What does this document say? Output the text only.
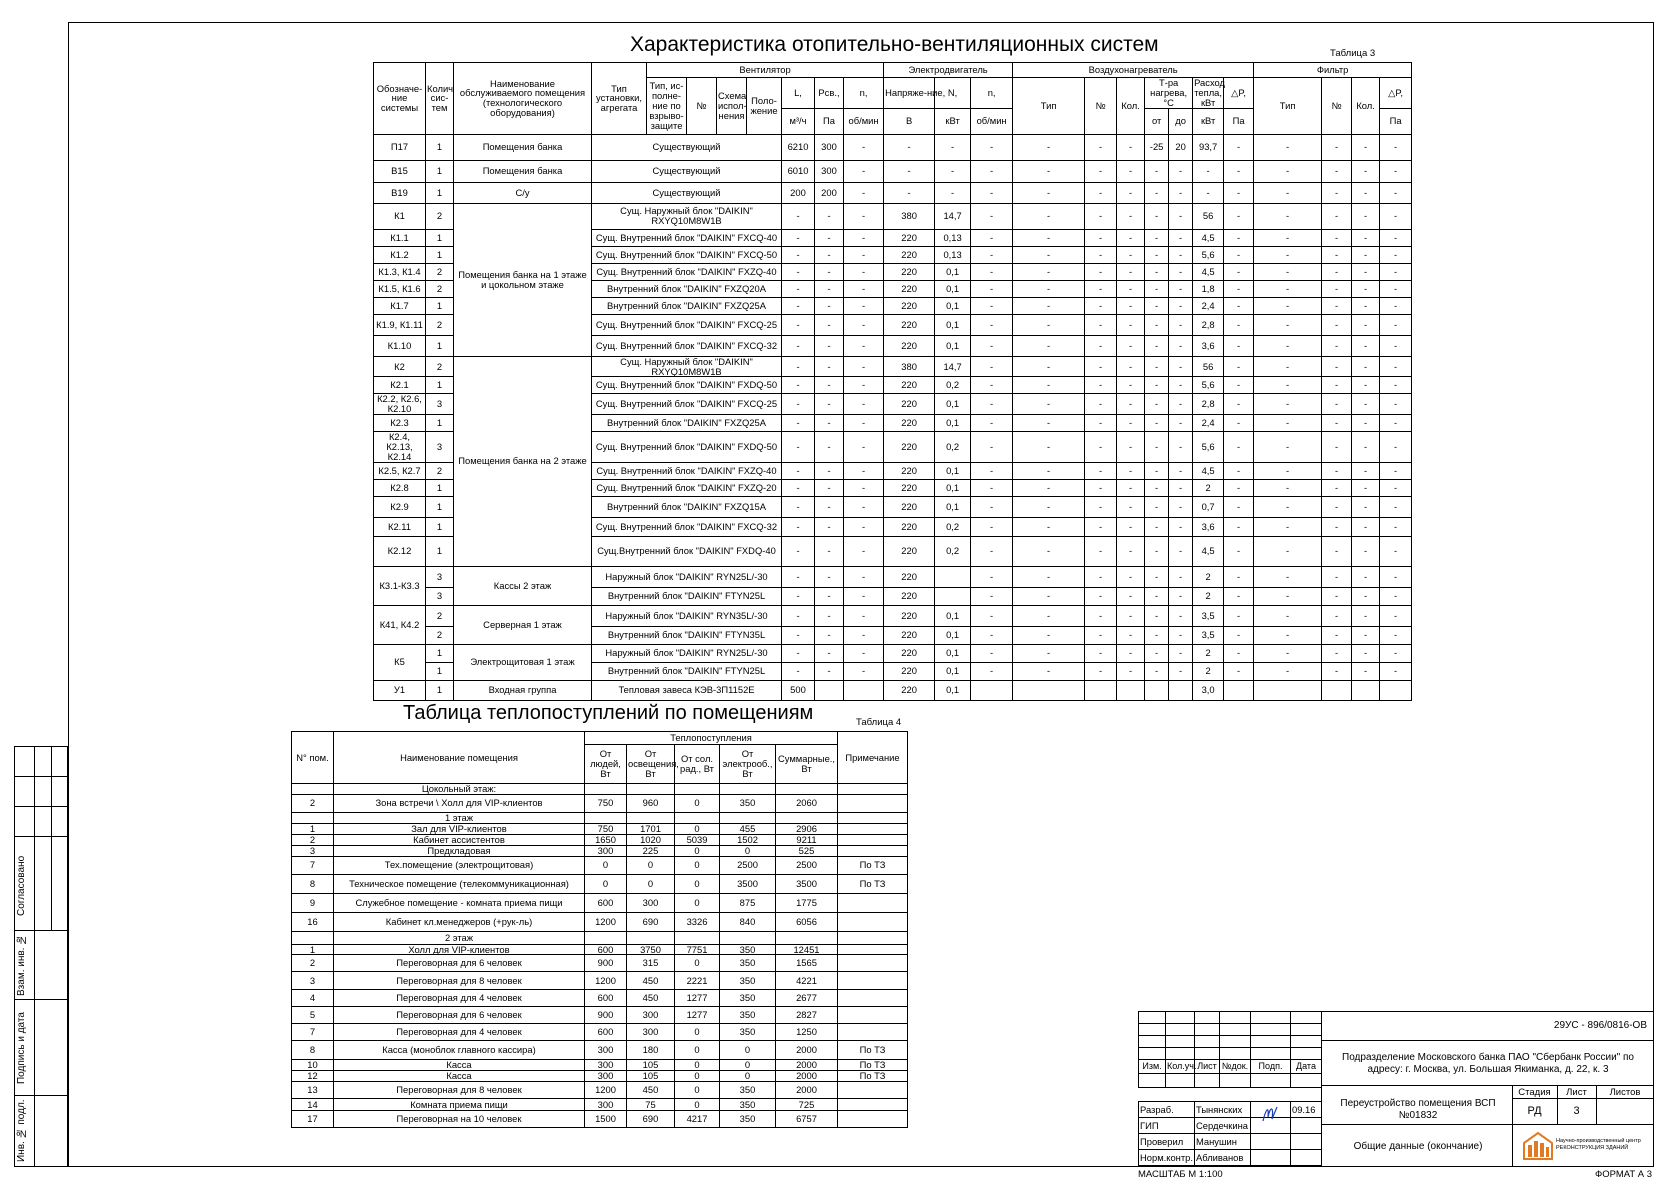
Согласовано
Взам. инв. №
Подпись и дата
Инв. № подл.
Характеристика отопительно-вентиляционных систем	Таблица 3
Обозначе-ние системы	Колич сис-тем	Наименование обслуживаемого помещения (технологического оборудования)	Тип установки, агрегата	Вентилятор							Электродвигатель			Воздухонагреватель							Фильтр			
				Тип, ис-полне-ние по взрыво-защите	№	Схема испол-нения	Поло-жение	L,	Рсв.,	n,	Напряже-ние,	N,	n,	Тип	№	Кол.	Т-ра нагрева,°С		Расход тепла, кВт	△P,	Тип	№	Кол.	△P,
								м³/ч	Па	об/мин	В	кВт	об/мин				от	до	кВт	Па				Па
П17	1	Помещения банка	Существующий					6210	300	-	-	-	-	-	-	-	-25	20	93,7	-	-	-	-	-
В15	1	Помещения банка	Существующий					6010	300	-	-	-	-	-	-	-	-	-	-	-	-	-	-	-
В19	1	С/у	Существующий					200	200	-	-	-	-	-	-	-	-	-	-	-	-	-	-	-
К1	2	Помещения банка на 1 этаже и цокольном этаже	Сущ. Наружный блок "DAIKIN" RXYQ10M8W1B					-	-	-	380	14,7	-	-	-	-	-	-	56	-	-	-	-	-
К1.1	1		Сущ. Внутренний блок "DAIKIN" FXCQ-40					-	-	-	220	0,13	-	-	-	-	-	-	4,5	-	-	-	-	-
К1.2	1		Сущ. Внутренний блок "DAIKIN" FXCQ-50					-	-	-	220	0,13	-	-	-	-	-	-	5,6	-	-	-	-	-
К1.3, К1.4	2		Сущ. Внутренний блок "DAIKIN" FXZQ-40					-	-	-	220	0,1	-	-	-	-	-	-	4,5	-	-	-	-	-
К1.5, К1.6	2		Внутренний блок "DAIKIN" FXZQ20A					-	-	-	220	0,1	-	-	-	-	-	-	1,8	-	-	-	-	-
К1.7	1		Внутренний блок "DAIKIN" FXZQ25A					-	-	-	220	0,1	-	-	-	-	-	-	2,4	-	-	-	-	-
К1.9, К1.11	2		Сущ. Внутренний блок "DAIKIN" FXCQ-25					-	-	-	220	0,1	-	-	-	-	-	-	2,8	-	-	-	-	-
К1.10	1		Сущ. Внутренний блок "DAIKIN" FXCQ-32					-	-	-	220	0,1	-	-	-	-	-	-	3,6	-	-	-	-	-
К2	2	Помещения банка на 2 этаже	Сущ. Наружный блок "DAIKIN" RXYQ10M8W1B					-	-	-	380	14,7	-	-	-	-	-	-	56	-	-	-	-	-
К2.1	1		Сущ. Внутренний блок "DAIKIN" FXDQ-50					-	-	-	220	0,2	-	-	-	-	-	-	5,6	-	-	-	-	-
К2.2, К2.6, К2.10	3		Сущ. Внутренний блок "DAIKIN" FXCQ-25					-	-	-	220	0,1	-	-	-	-	-	-	2,8	-	-	-	-	-
К2.3	1		Внутренний блок "DAIKIN" FXZQ25A					-	-	-	220	0,1	-	-	-	-	-	-	2,4	-	-	-	-	-
К2.4, К2.13, К2.14	3		Сущ. Внутренний блок "DAIKIN" FXDQ-50					-	-	-	220	0,2	-	-	-	-	-	-	5,6	-	-	-	-	-
К2.5, К2.7	2		Сущ. Внутренний блок "DAIKIN" FXZQ-40					-	-	-	220	0,1	-	-	-	-	-	-	4,5	-	-	-	-	-
К2.8	1		Сущ. Внутренний блок "DAIKIN" FXZQ-20					-	-	-	220	0,1	-	-	-	-	-	-	2	-	-	-	-	-
К2.9	1		Внутренний блок "DAIKIN" FXZQ15A					-	-	-	220	0,1	-	-	-	-	-	-	0,7	-	-	-	-	-
К2.11	1		Сущ. Внутренний блок "DAIKIN" FXCQ-32					-	-	-	220	0,2	-	-	-	-	-	-	3,6	-	-	-	-	-
К2.12	1		Сущ.Внутренний блок "DAIKIN" FXDQ-40					-	-	-	220	0,2	-	-	-	-	-	-	4,5	-	-	-	-	-
К3.1-К3.3	3	Кассы 2 этаж	Наружный блок "DAIKIN" RYN25L/-30					-	-	-	220		-	-	-	-	-	-	2	-	-	-	-	-
	3		Внутренний блок "DAIKIN" FTYN25L					-	-	-	220		-	-	-	-	-	-	2	-	-	-	-	-
К41, К4.2	2	Серверная 1 этаж	Наружный блок "DAIKIN" RYN35L/-30					-	-	-	220	0,1	-	-	-	-	-	-	3,5	-	-	-	-	-
	2		Внутренний блок "DAIKIN" FTYN35L					-	-	-	220	0,1	-	-	-	-	-	-	3,5	-	-	-	-	-
К5	1	Электрощитовая 1 этаж	Наружный блок "DAIKIN" RYN25L/-30					-	-	-	220	0,1	-	-	-	-	-	-	2	-	-	-	-	-
	1		Внутренний блок "DAIKIN" FTYN25L					-	-	-	220	0,1	-	-	-	-	-	-	2	-	-	-	-	-
У1	1	Входная группа	Тепловая завеса КЭВ-3П1152Е					500			220	0,1							3,0					
Таблица теплопоступлений по помещениям	Таблица 4
N° пом.	Наименование помещения	Теплопоступления					Примечание
		От людей, Вт	От освещения, Вт	От сол. рад., Вт	От электрооб., Вт	Суммарные., Вт	
	Цокольный этаж:						
2	Зона встречи \ Холл для VIP-клиентов	750	960	0	350	2060	
	1 этаж						
1	Зал для VIP-клиентов	750	1701	0	455	2906	
2	Кабинет ассистентов	1650	1020	5039	1502	9211	
3	Предкладовая	300	225	0	0	525	
7	Тех.помещение (электрощитовая)	0	0	0	2500	2500	По ТЗ
8	Техническое помещение (телекоммуникационная)	0	0	0	3500	3500	По ТЗ
9	Служебное помещение - комната приема пищи	600	300	0	875	1775	
16	Кабинет кл.менеджеров (+рук-ль)	1200	690	3326	840	6056	
	2 этаж						
1	Холл для VIP-клиентов	600	3750	7751	350	12451	
2	Переговорная для 6 человек	900	315	0	350	1565	
3	Переговорная для 8 человек	1200	450	2221	350	4221	
4	Переговорная для 4 человек	600	450	1277	350	2677	
5	Переговорная для 6 человек	900	300	1277	350	2827	
7	Переговорная для 4 человек	600	300	0	350	1250	
8	Касса (моноблок главного кассира)	300	180	0	0	2000	По ТЗ
10	Касса	300	105	0	0	2000	По ТЗ
12	Касса	300	105	0	0	2000	По ТЗ
13	Переговорная для 8 человек	1200	450	0	350	2000	
14	Комната приема пищи	300	75	0	350	725	
17	Переговорная на 10 человек	1500	690	4217	350	6757	

Изм.	Кол.уч.	Лист	№док.	Подп.	Дата

Разраб.	Тынянских		09.16
ГИП	Сердечкина		
Проверил	Манушин		
Норм.контр.	Абливанов		
29УС - 896/0816-ОВ
Подразделение Московского банка ПАО "Сбербанк России" по адресу: г. Москва, ул. Большая Якиманка, д. 22, к. 3
Переустройство помещения ВСП №01832
Общие данные (окончание)
Стадия	Лист	Листов
РД	3
Научно-производственный центр РЕКОНСТРУКЦИЯ ЗДАНИЙ
МАСШТАБ М 1:100	ФОРМАТ А 3
